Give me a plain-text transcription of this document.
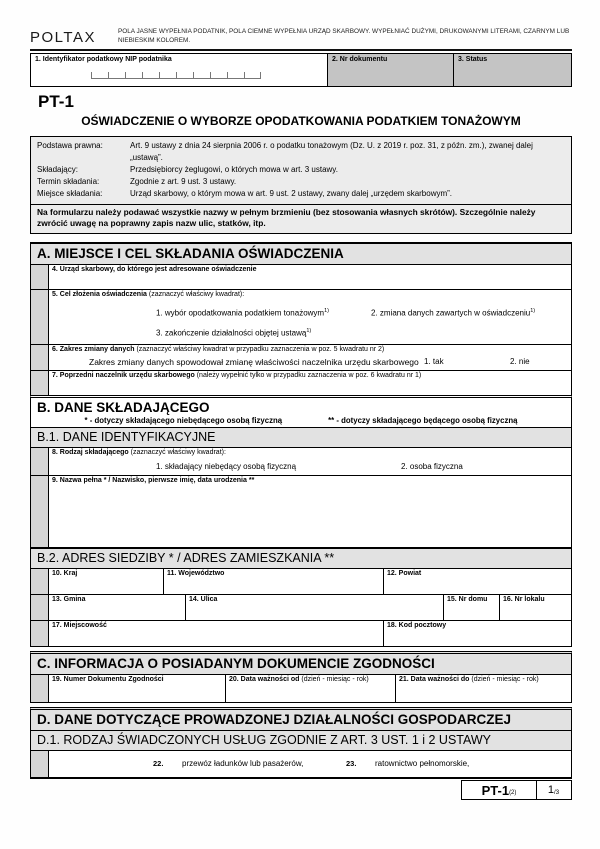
POLTAX	POLA JASNE WYPEŁNIA PODATNIK, POLA CIEMNE WYPEŁNIA URZĄD SKARBOWY. WYPEŁNIAĆ DUŻYMI, DRUKOWANYMI LITERAMI, CZARNYM LUB NIEBIESKIM KOLOREM.
1. Identyfikator podatkowy NIP podatnika	2. Nr dokumentu	3. Status
PT-1
OŚWIADCZENIE O WYBORZE OPODATKOWANIA PODATKIEM TONAŻOWYM
Podstawa prawna:	Art. 9 ustawy z dnia 24 sierpnia 2006 r. o podatku tonażowym (Dz. U. z 2019 r. poz. 31, z późn. zm.), zwanej dalej „ustawą”.
Składający:	Przedsiębiorcy żeglugowi, o których mowa w art. 3 ustawy.
Termin składania:	Zgodnie z art. 9 ust. 3 ustawy.
Miejsce składania:	Urząd skarbowy, o którym mowa w art. 9 ust. 2 ustawy, zwany dalej „urzędem skarbowym”.
Na formularzu należy podawać wszystkie nazwy w pełnym brzmieniu (bez stosowania własnych skrótów). Szczególnie należy zwrócić uwagę na poprawny zapis nazw ulic, statków, itp.
A. MIEJSCE I CEL SKŁADANIA OŚWIADCZENIA
4. Urząd skarbowy, do którego jest adresowane oświadczenie
5. Cel złożenia oświadczenia (zaznaczyć właściwy kwadrat):
1. wybór opodatkowania podatkiem tonażowym$^{1)}$	2. zmiana danych zawartych w oświadczeniu$^{1)}$
3. zakończenie działalności objętej ustawą$^{1)}$
6. Zakres zmiany danych (zaznaczyć właściwy kwadrat w przypadku zaznaczenia w poz. 5 kwadratu nr 2)
Zakres zmiany danych spowodował zmianę właściwości naczelnika urzędu skarbowego 1. tak	2. nie
7. Poprzedni naczelnik urzędu skarbowego (należy wypełnić tylko w przypadku zaznaczenia w poz. 6 kwadratu nr 1)
B. DANE SKŁADAJĄCEGO
* - dotyczy składającego niebędącego osobą fizyczną	** - dotyczy składającego będącego osobą fizyczną
B.1. DANE IDENTYFIKACYJNE
8. Rodzaj składającego (zaznaczyć właściwy kwadrat):
1. składający niebędący osobą fizyczną	2. osoba fizyczna
9. Nazwa pełna * / Nazwisko, pierwsze imię, data urodzenia **
B.2. ADRES SIEDZIBY * / ADRES ZAMIESZKANIA **
10. Kraj	11. Województwo	12. Powiat
13. Gmina	14. Ulica	15. Nr domu	16. Nr lokalu
17. Miejscowość	18. Kod pocztowy
C. INFORMACJA O POSIADANYM DOKUMENCIE ZGODNOŚCI
19. Numer Dokumentu Zgodności	20. Data ważności od (dzień - miesiąc - rok)	21. Data ważności do (dzień - miesiąc - rok)
D. DANE DOTYCZĄCE PROWADZONEJ DZIAŁALNOŚCI GOSPODARCZEJ
D.1. RODZAJ ŚWIADCZONYCH USŁUG ZGODNIE Z ART. 3 UST. 1 i 2 USTAWY
22. przewóz ładunków lub pasażerów,	23. ratownictwo pełnomorskie,
PT-1 (2)	1 /3
